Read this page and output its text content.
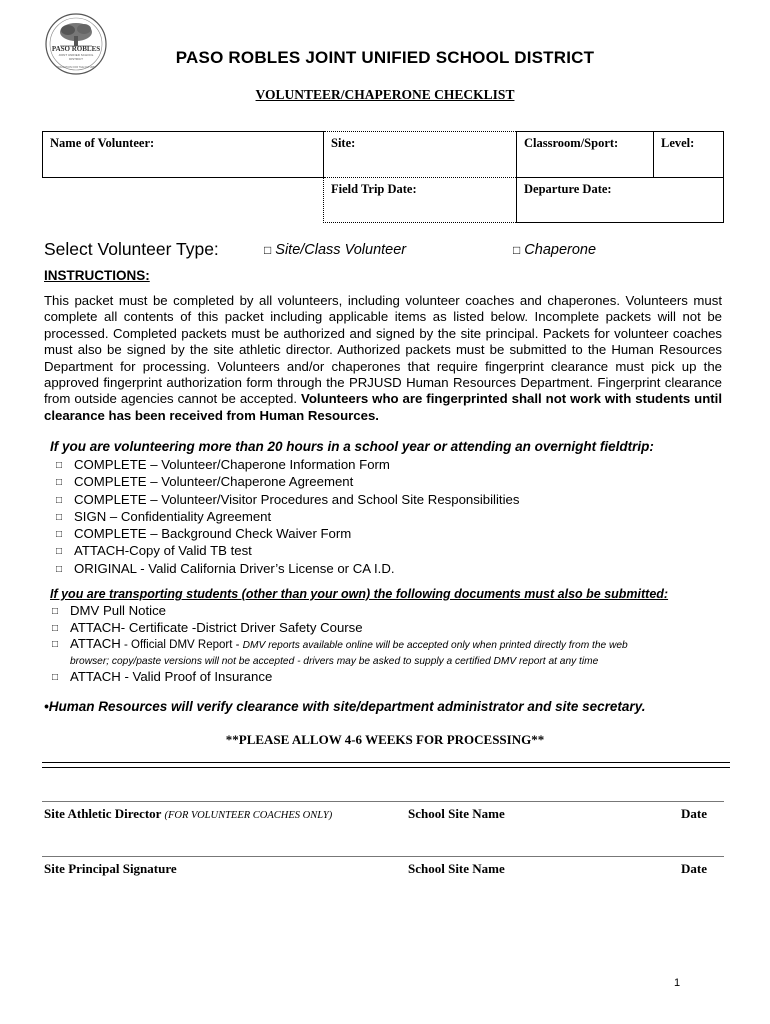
PASO ROBLES
JOINT UNIFIED SCHOOL DISTRICT
EDUCATION FOR THE FUTURE
PASO ROBLES JOINT UNIFIED SCHOOL DISTRICT
VOLUNTEER/CHAPERONE CHECKLIST
Name of Volunteer:	Site:	Classroom/Sport:	Level:
	Field Trip Date:	Departure Date:	
Select Volunteer Type:	□ Site/Class Volunteer	□ Chaperone
INSTRUCTIONS:
This packet must be completed by all volunteers, including volunteer coaches and chaperones. Volunteers must complete all contents of this packet including applicable items as listed below. Incomplete packets will not be processed. Completed packets must be authorized and signed by the site principal. Packets for volunteer coaches must also be signed by the site athletic director. Authorized packets must be submitted to the Human Resources Department for processing. Volunteers and/or chaperones that require fingerprint clearance must pick up the approved fingerprint authorization form through the PRJUSD Human Resources Department. Fingerprint clearance from outside agencies cannot be accepted. Volunteers who are fingerprinted shall not work with students until clearance has been received from Human Resources.
If you are volunteering more than 20 hours in a school year or attending an overnight fieldtrip:
□ COMPLETE – Volunteer/Chaperone Information Form
□ COMPLETE – Volunteer/Chaperone Agreement
□ COMPLETE – Volunteer/Visitor Procedures and School Site Responsibilities
□ SIGN – Confidentiality Agreement
□ COMPLETE – Background Check Waiver Form
□ ATTACH-Copy of Valid TB test
□ ORIGINAL - Valid California Driver’s License or CA I.D.
If you are transporting students (other than your own) the following documents must also be submitted:
□ DMV Pull Notice
□ ATTACH- Certificate -District Driver Safety Course
□ ATTACH - Official DMV Report - DMV reports available online will be accepted only when printed directly from the web
browser; copy/paste versions will not be accepted - drivers may be asked to supply a certified DMV report at any time
□ ATTACH - Valid Proof of Insurance
•Human Resources will verify clearance with site/department administrator and site secretary.
**PLEASE ALLOW 4-6 WEEKS FOR PROCESSING**
Site Athletic Director (FOR VOLUNTEER COACHES ONLY)	School Site Name	Date
Site Principal Signature	School Site Name	Date
1
